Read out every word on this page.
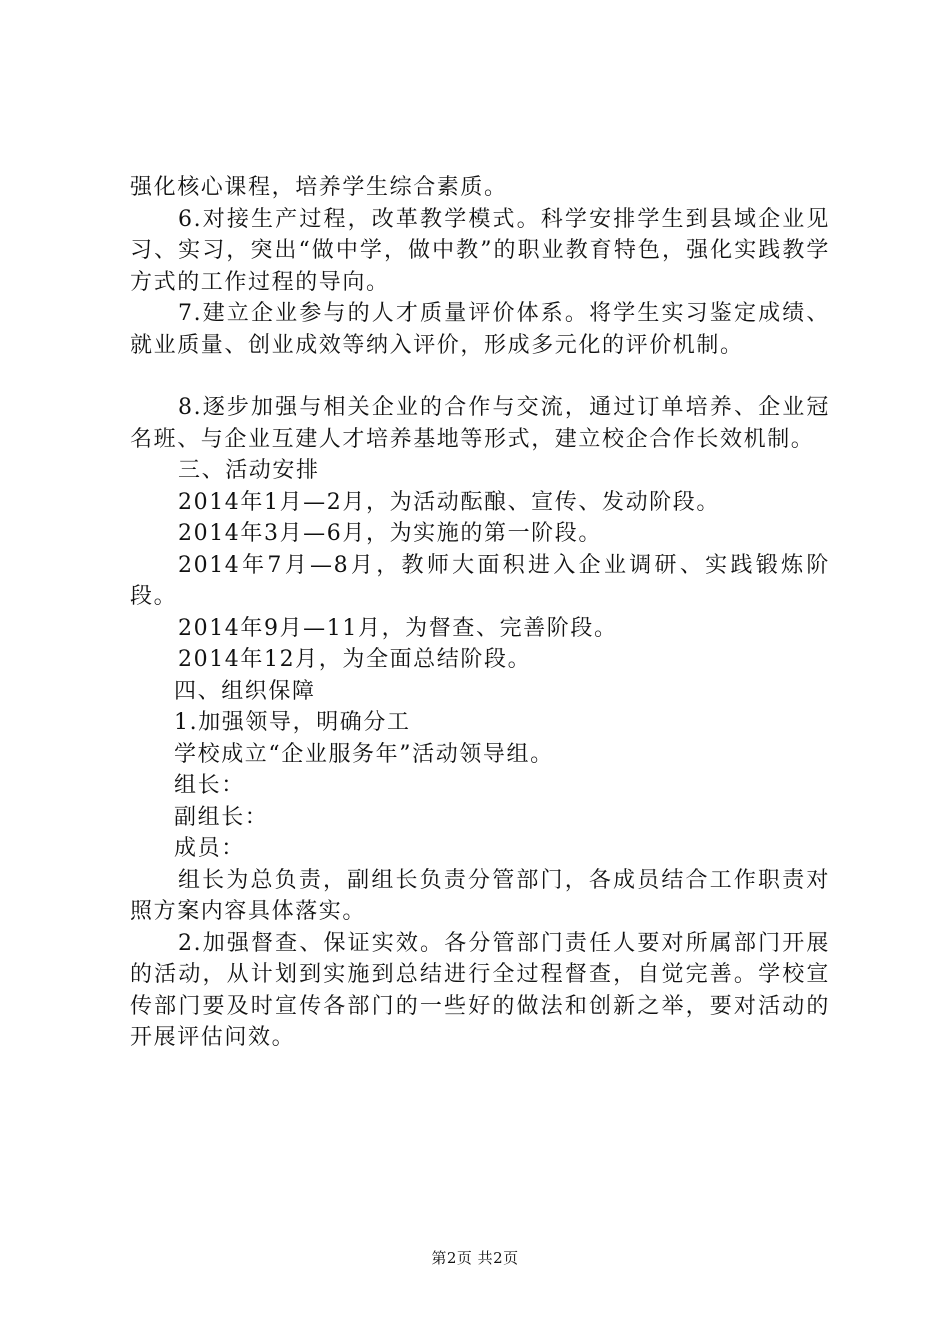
强化核心课程，培养学生综合素质。

6.对接生产过程，改革教学模式。科学安排学生到县域企业见习、实习，突出“做中学，做中教”的职业教育特色，强化实践教学方式的工作过程的导向。

7.建立企业参与的人才质量评价体系。将学生实习鉴定成绩、就业质量、创业成效等纳入评价，形成多元化的评价机制。

8.逐步加强与相关企业的合作与交流，通过订单培养、企业冠名班、与企业互建人才培养基地等形式，建立校企合作长效机制。

三、活动安排

2014年1月—2月，为活动酝酿、宣传、发动阶段。

2014年3月—6月，为实施的第一阶段。

2014年7月—8月，教师大面积进入企业调研、实践锻炼阶段。

2014年9月—11月，为督查、完善阶段。

2014年12月，为全面总结阶段。

四、组织保障

1.加强领导，明确分工

学校成立“企业服务年”活动领导组。

组长：

副组长：

成员：

组长为总负责，副组长负责分管部门，各成员结合工作职责对照方案内容具体落实。

2.加强督查、保证实效。各分管部门责任人要对所属部门开展的活动，从计划到实施到总结进行全过程督查，自觉完善。学校宣传部门要及时宣传各部门的一些好的做法和创新之举，要对活动的开展评估问效。

第2页 共2页
